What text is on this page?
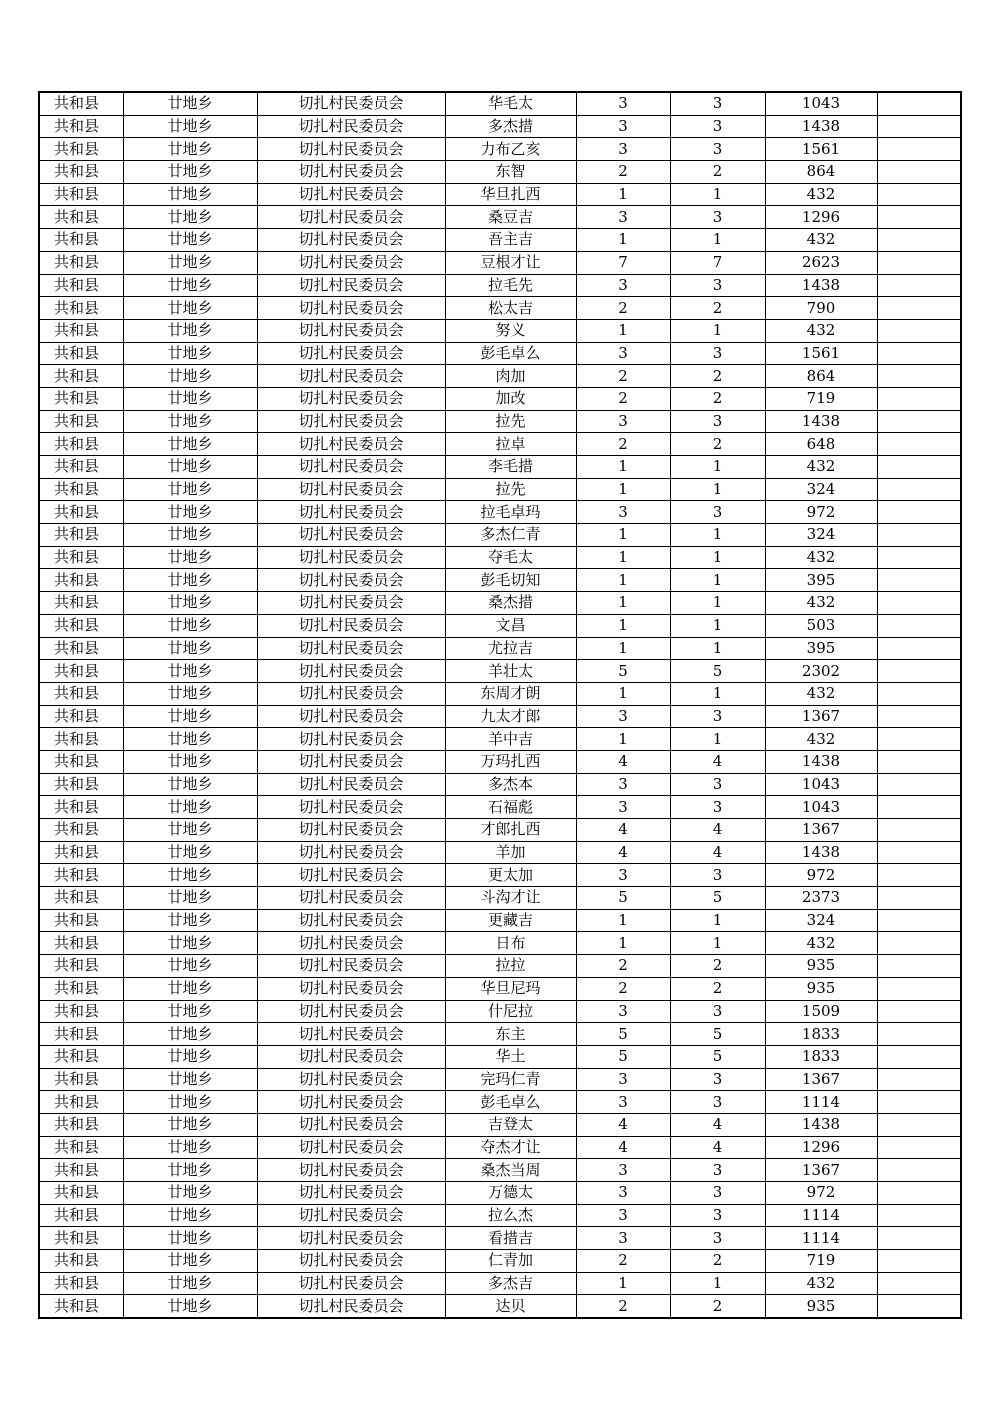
共和县	廿地乡	切扎村民委员会	华毛太	3	3	1043	
共和县	廿地乡	切扎村民委员会	多杰措	3	3	1438	
共和县	廿地乡	切扎村民委员会	力布乙亥	3	3	1561	
共和县	廿地乡	切扎村民委员会	东智	2	2	864	
共和县	廿地乡	切扎村民委员会	华旦扎西	1	1	432	
共和县	廿地乡	切扎村民委员会	桑豆吉	3	3	1296	
共和县	廿地乡	切扎村民委员会	吾主吉	1	1	432	
共和县	廿地乡	切扎村民委员会	豆根才让	7	7	2623	
共和县	廿地乡	切扎村民委员会	拉毛先	3	3	1438	
共和县	廿地乡	切扎村民委员会	松太吉	2	2	790	
共和县	廿地乡	切扎村民委员会	努义	1	1	432	
共和县	廿地乡	切扎村民委员会	彭毛卓么	3	3	1561	
共和县	廿地乡	切扎村民委员会	肉加	2	2	864	
共和县	廿地乡	切扎村民委员会	加改	2	2	719	
共和县	廿地乡	切扎村民委员会	拉先	3	3	1438	
共和县	廿地乡	切扎村民委员会	拉卓	2	2	648	
共和县	廿地乡	切扎村民委员会	李毛措	1	1	432	
共和县	廿地乡	切扎村民委员会	拉先	1	1	324	
共和县	廿地乡	切扎村民委员会	拉毛卓玛	3	3	972	
共和县	廿地乡	切扎村民委员会	多杰仁青	1	1	324	
共和县	廿地乡	切扎村民委员会	夺毛太	1	1	432	
共和县	廿地乡	切扎村民委员会	彭毛切知	1	1	395	
共和县	廿地乡	切扎村民委员会	桑杰措	1	1	432	
共和县	廿地乡	切扎村民委员会	文昌	1	1	503	
共和县	廿地乡	切扎村民委员会	尤拉吉	1	1	395	
共和县	廿地乡	切扎村民委员会	羊壮太	5	5	2302	
共和县	廿地乡	切扎村民委员会	东周才朗	1	1	432	
共和县	廿地乡	切扎村民委员会	九太才郎	3	3	1367	
共和县	廿地乡	切扎村民委员会	羊中吉	1	1	432	
共和县	廿地乡	切扎村民委员会	万玛扎西	4	4	1438	
共和县	廿地乡	切扎村民委员会	多杰本	3	3	1043	
共和县	廿地乡	切扎村民委员会	石福彪	3	3	1043	
共和县	廿地乡	切扎村民委员会	才郎扎西	4	4	1367	
共和县	廿地乡	切扎村民委员会	羊加	4	4	1438	
共和县	廿地乡	切扎村民委员会	更太加	3	3	972	
共和县	廿地乡	切扎村民委员会	斗沟才让	5	5	2373	
共和县	廿地乡	切扎村民委员会	更藏吉	1	1	324	
共和县	廿地乡	切扎村民委员会	日布	1	1	432	
共和县	廿地乡	切扎村民委员会	拉拉	2	2	935	
共和县	廿地乡	切扎村民委员会	华旦尼玛	2	2	935	
共和县	廿地乡	切扎村民委员会	什尼拉	3	3	1509	
共和县	廿地乡	切扎村民委员会	东主	5	5	1833	
共和县	廿地乡	切扎村民委员会	华土	5	5	1833	
共和县	廿地乡	切扎村民委员会	完玛仁青	3	3	1367	
共和县	廿地乡	切扎村民委员会	彭毛卓么	3	3	1114	
共和县	廿地乡	切扎村民委员会	吉登太	4	4	1438	
共和县	廿地乡	切扎村民委员会	夺杰才让	4	4	1296	
共和县	廿地乡	切扎村民委员会	桑杰当周	3	3	1367	
共和县	廿地乡	切扎村民委员会	万德太	3	3	972	
共和县	廿地乡	切扎村民委员会	拉么杰	3	3	1114	
共和县	廿地乡	切扎村民委员会	看措吉	3	3	1114	
共和县	廿地乡	切扎村民委员会	仁青加	2	2	719	
共和县	廿地乡	切扎村民委员会	多杰吉	1	1	432	
共和县	廿地乡	切扎村民委员会	达贝	2	2	935	
